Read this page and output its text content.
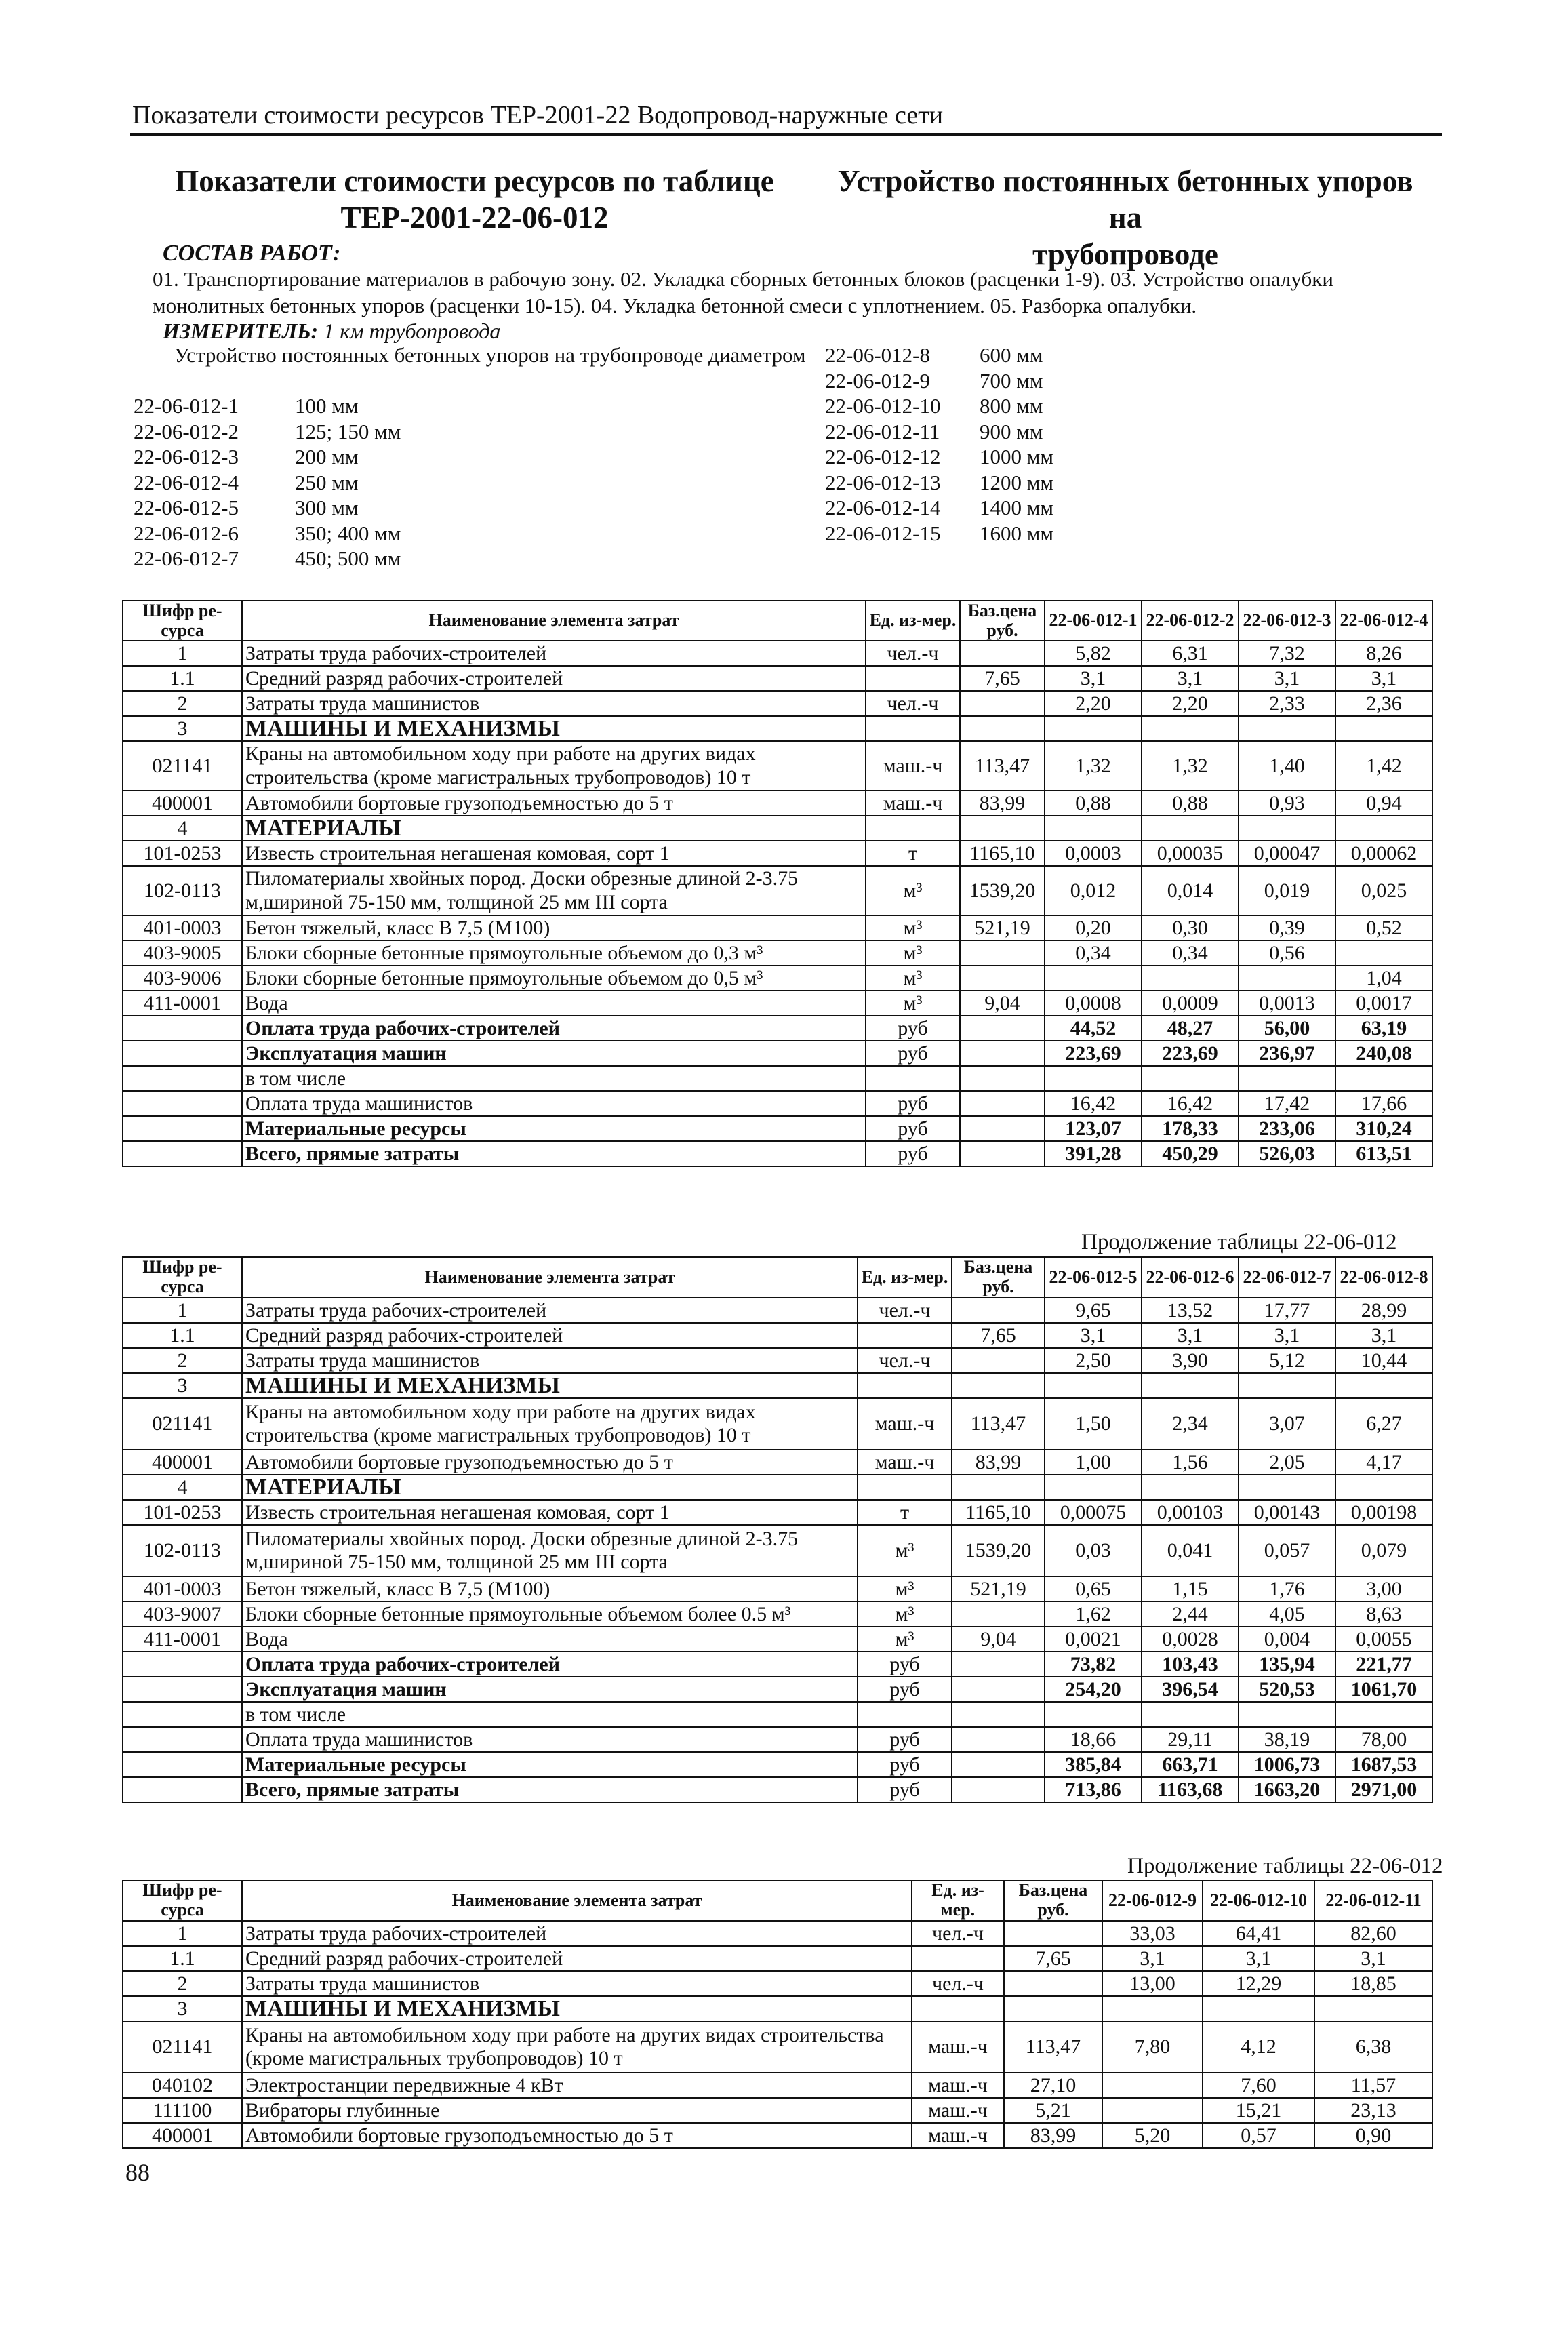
Показатели стоимости ресурсов ТЕР-2001-22 Водопровод-наружные сети
Показатели стоимости ресурсов по таблице
ТЕР-2001-22-06-012
Устройство постоянных бетонных упоров на
трубопроводе
СОСТАВ РАБОТ:
01. Транспортирование материалов в рабочую зону. 02. Укладка сборных бетонных блоков (расценки 1-9). 03. Устройство опалубки монолитных бетонных упоров (расценки 10-15). 04. Укладка бетонной смеси с уплотнением. 05. Разборка опалубки.
ИЗМЕРИТЕЛЬ: 1 км трубопровода
Устройство постоянных бетонных упоров на трубопроводе диаметром
22-06-012-1	100 мм
22-06-012-2	125; 150 мм
22-06-012-3	200 мм
22-06-012-4	250 мм
22-06-012-5	300 мм
22-06-012-6	350; 400 мм
22-06-012-7	450; 500 мм
22-06-012-8 600 мм
22-06-012-9 700 мм
22-06-012-10 800 мм
22-06-012-11 900 мм
22-06-012-12 1000 мм
22-06-012-13 1200 мм
22-06-012-14 1400 мм
22-06-012-15 1600 мм
Шифр ре-сурса	Наименование элемента затрат	Ед. из-мер.	Баз.цена руб.	22-06-012-1	22-06-012-2	22-06-012-3	22-06-012-4
1	Затраты труда рабочих-строителей	чел.-ч		5,82	6,31	7,32	8,26
1.1	Средний разряд рабочих-строителей		7,65	3,1	3,1	3,1	3,1
2	Затраты труда машинистов	чел.-ч		2,20	2,20	2,33	2,36
3	МАШИНЫ И МЕХАНИЗМЫ						
021141	Краны на автомобильном ходу при работе на других видах строительства (кроме магистральных трубопроводов) 10 т	маш.-ч	113,47	1,32	1,32	1,40	1,42
400001	Автомобили бортовые грузоподъемностью до 5 т	маш.-ч	83,99	0,88	0,88	0,93	0,94
4	МАТЕРИАЛЫ						
101-0253	Известь строительная негашеная комовая, сорт 1	т	1165,10	0,0003	0,00035	0,00047	0,00062
102-0113	Пиломатериалы хвойных пород. Доски обрезные длиной 2-3.75 м,шириной 75-150 мм, толщиной 25 мм III сорта	м³	1539,20	0,012	0,014	0,019	0,025
401-0003	Бетон тяжелый, класс В 7,5 (М100)	м³	521,19	0,20	0,30	0,39	0,52
403-9005	Блоки сборные бетонные прямоугольные объемом до 0,3 м³	м³		0,34	0,34	0,56	
403-9006	Блоки сборные бетонные прямоугольные объемом до 0,5 м³	м³					1,04
411-0001	Вода	м³	9,04	0,0008	0,0009	0,0013	0,0017
	Оплата труда рабочих-строителей	руб		44,52	48,27	56,00	63,19
	Эксплуатация машин	руб		223,69	223,69	236,97	240,08
	в том числе						
	Оплата труда машинистов	руб		16,42	16,42	17,42	17,66
	Материальные ресурсы	руб		123,07	178,33	233,06	310,24
	Всего, прямые затраты	руб		391,28	450,29	526,03	613,51
Продолжение таблицы 22-06-012
Шифр ре-сурса	Наименование элемента затрат	Ед. из-мер.	Баз.цена руб.	22-06-012-5	22-06-012-6	22-06-012-7	22-06-012-8
1	Затраты труда рабочих-строителей	чел.-ч		9,65	13,52	17,77	28,99
1.1	Средний разряд рабочих-строителей		7,65	3,1	3,1	3,1	3,1
2	Затраты труда машинистов	чел.-ч		2,50	3,90	5,12	10,44
3	МАШИНЫ И МЕХАНИЗМЫ						
021141	Краны на автомобильном ходу при работе на других видах строительства (кроме магистральных трубопроводов) 10 т	маш.-ч	113,47	1,50	2,34	3,07	6,27
400001	Автомобили бортовые грузоподъемностью до 5 т	маш.-ч	83,99	1,00	1,56	2,05	4,17
4	МАТЕРИАЛЫ						
101-0253	Известь строительная негашеная комовая, сорт 1	т	1165,10	0,00075	0,00103	0,00143	0,00198
102-0113	Пиломатериалы хвойных пород. Доски обрезные длиной 2-3.75 м,шириной 75-150 мм, толщиной 25 мм III сорта	м³	1539,20	0,03	0,041	0,057	0,079
401-0003	Бетон тяжелый, класс В 7,5 (М100)	м³	521,19	0,65	1,15	1,76	3,00
403-9007	Блоки сборные бетонные прямоугольные объемом более 0.5 м³	м³		1,62	2,44	4,05	8,63
411-0001	Вода	м³	9,04	0,0021	0,0028	0,004	0,0055
	Оплата труда рабочих-строителей	руб		73,82	103,43	135,94	221,77
	Эксплуатация машин	руб		254,20	396,54	520,53	1061,70
	в том числе						
	Оплата труда машинистов	руб		18,66	29,11	38,19	78,00
	Материальные ресурсы	руб		385,84	663,71	1006,73	1687,53
	Всего, прямые затраты	руб		713,86	1163,68	1663,20	2971,00
Продолжение таблицы 22-06-012
Шифр ре-сурса	Наименование элемента затрат	Ед. из-мер.	Баз.цена руб.	22-06-012-9	22-06-012-10	22-06-012-11
1	Затраты труда рабочих-строителей	чел.-ч		33,03	64,41	82,60
1.1	Средний разряд рабочих-строителей		7,65	3,1	3,1	3,1
2	Затраты труда машинистов	чел.-ч		13,00	12,29	18,85
3	МАШИНЫ И МЕХАНИЗМЫ					
021141	Краны на автомобильном ходу при работе на других видах строительства (кроме магистральных трубопроводов) 10 т	маш.-ч	113,47	7,80	4,12	6,38
040102	Электростанции передвижные 4 кВт	маш.-ч	27,10		7,60	11,57
111100	Вибраторы глубинные	маш.-ч	5,21		15,21	23,13
400001	Автомобили бортовые грузоподъемностью до 5 т	маш.-ч	83,99	5,20	0,57	0,90
88
